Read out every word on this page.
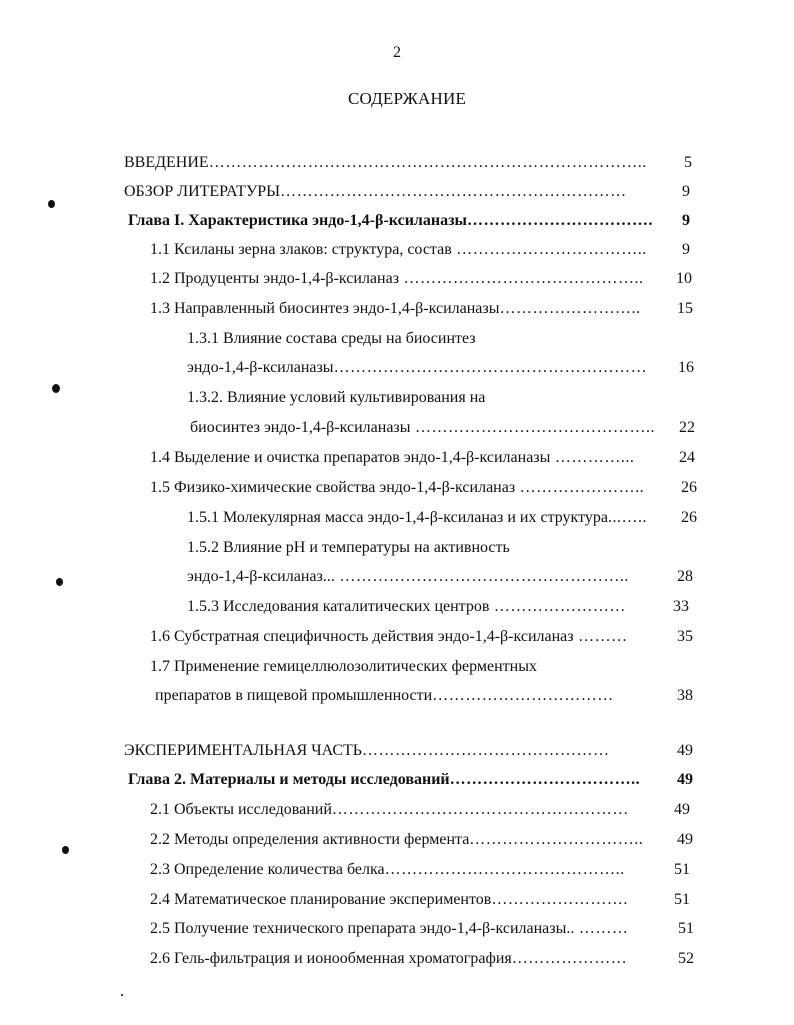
2
СОДЕРЖАНИЕ
ВВЕДЕНИЕ……………………………………………………………………..	5
ОБЗОР ЛИТЕРАТУРЫ………………………………………………………	9
Глава I. Характеристика эндо-1,4-β-ксиланазы…………………………….	9
1.1 Ксиланы зерна злаков: структура, состав ……………………………..	9
1.2 Продуценты эндо-1,4-β-ксиланаз ……………………………………..	10
1.3 Направленный биосинтез эндо-1,4-β-ксиланазы……………………..	15
1.3.1 Влияние состава среды на биосинтез
эндо-1,4-β-ксиланазы…………………………………………………	16
1.3.2. Влияние условий культивирования на
биосинтез эндо-1,4-β-ксиланазы ……………………………………..	22
1.4 Выделение и очистка препаратов эндо-1,4-β-ксиланазы …………...	24
1.5 Физико-химические свойства эндо-1,4-β-ксиланаз …………………..	26
1.5.1 Молекулярная масса эндо-1,4-β-ксиланаз и их структура...…..	26
1.5.2 Влияние pH и температуры на активность
эндо-1,4-β-ксиланаз... ……………………………………………..	28
1.5.3 Исследования каталитических центров ……………………	33
1.6 Субстратная специфичность действия эндо-1,4-β-ксиланаз ………	35
1.7 Применение гемицеллюлозолитических ферментных
препаратов в пищевой промышленности……………………………	38
ЭКСПЕРИМЕНТАЛЬНАЯ ЧАСТЬ………………………………………	49
Глава 2. Материалы и методы исследований……………………………..	49
2.1 Объекты исследований………………………………………………	49
2.2 Методы определения активности фермента…………………………..	49
2.3 Определение количества белка……………………………………..	51
2.4 Математическое планирование экспериментов…………………….	51
2.5 Получение технического препарата эндо-1,4-β-ксиланазы.. ………	51
2.6 Гель-фильтрация и ионообменная хроматография…………………	52
